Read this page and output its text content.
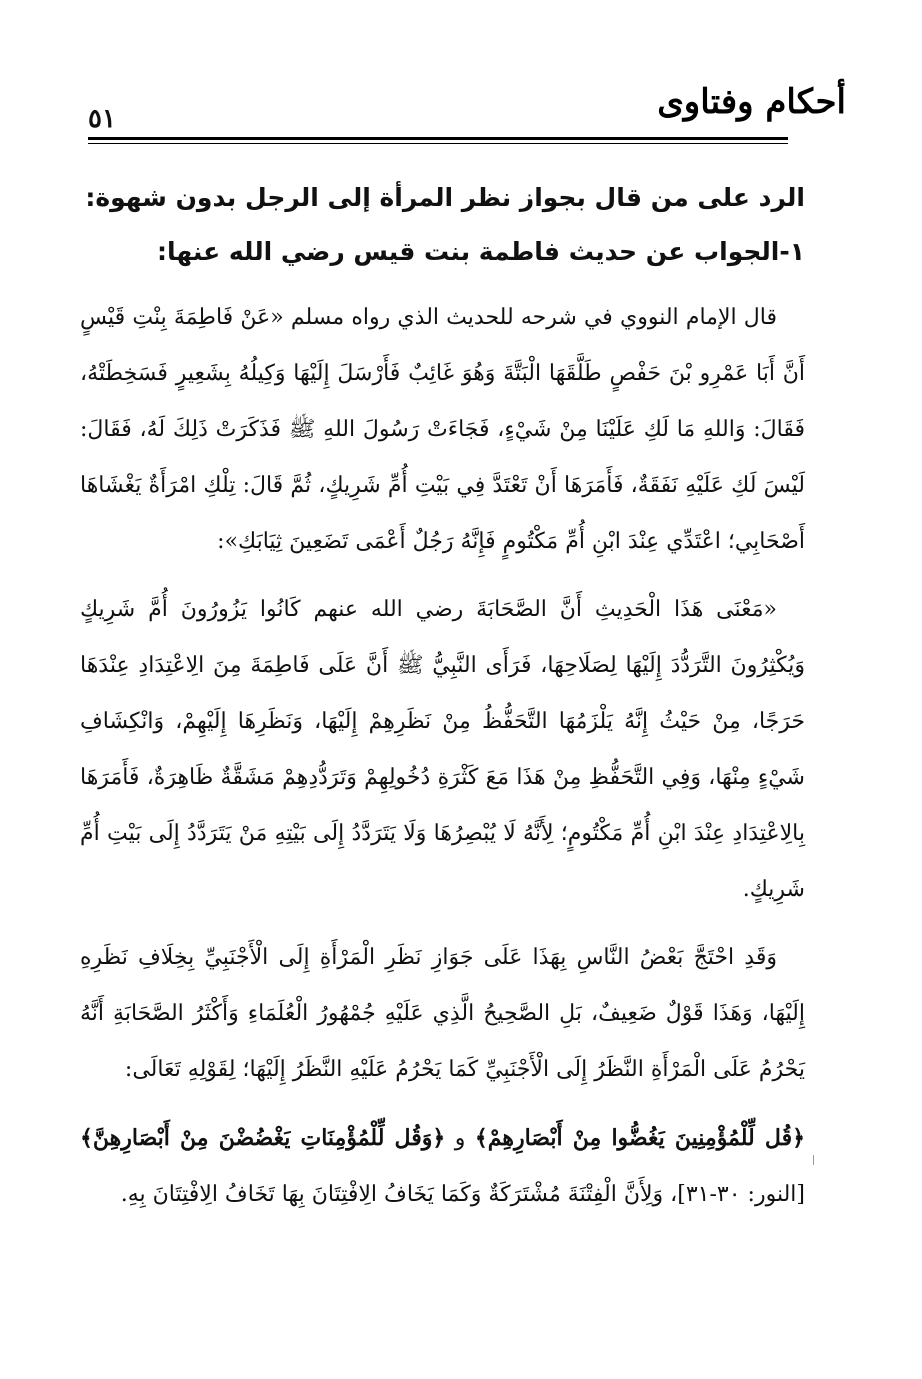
أحكام وفتاوى
٥١
الرد على من قال بجواز نظر المرأة إلى الرجل بدون شهوة:
١-الجواب عن حديث فاطمة بنت قيس رضي الله عنها:

قال الإمام النووي في شرحه للحديث الذي رواه مسلم «عَنْ فَاطِمَةَ بِنْتِ قَيْسٍ أَنَّ أَبَا عَمْرِو بْنَ حَفْصٍ طَلَّقَهَا الْبَتَّةَ وَهُوَ غَائِبٌ فَأَرْسَلَ إِلَيْهَا وَكِيلُهُ بِشَعِيرٍ فَسَخِطَتْهُ، فَقَالَ: وَاللهِ مَا لَكِ عَلَيْنَا مِنْ شَيْءٍ، فَجَاءَتْ رَسُولَ اللهِ ﷺ فَذَكَرَتْ ذَلِكَ لَهُ، فَقَالَ: لَيْسَ لَكِ عَلَيْهِ نَفَقَةٌ، فَأَمَرَهَا أَنْ تَعْتَدَّ فِي بَيْتِ أُمِّ شَرِيكٍ، ثُمَّ قَالَ: تِلْكِ امْرَأَةٌ يَغْشَاهَا أَصْحَابِي؛ اعْتَدِّي عِنْدَ ابْنِ أُمِّ مَكْتُومٍ فَإِنَّهُ رَجُلٌ أَعْمَى تَضَعِينَ ثِيَابَكِ»:

«مَعْنَى هَذَا الْحَدِيثِ أَنَّ الصَّحَابَةَ رضي الله عنهم كَانُوا يَزُورُونَ أُمَّ شَرِيكٍ وَيُكْثِرُونَ التَّرَدُّدَ إِلَيْهَا لِصَلَاحِهَا، فَرَأَى النَّبِيُّ ﷺ أَنَّ عَلَى فَاطِمَةَ مِنَ الِاعْتِدَادِ عِنْدَهَا حَرَجًا، مِنْ حَيْثُ إِنَّهُ يَلْزَمُهَا التَّحَفُّظُ مِنْ نَظَرِهِمْ إِلَيْهَا، وَنَظَرِهَا إِلَيْهِمْ، وَانْكِشَافِ شَيْءٍ مِنْهَا، وَفِي التَّحَفُّظِ مِنْ هَذَا مَعَ كَثْرَةِ دُخُولِهِمْ وَتَرَدُّدِهِمْ مَشَقَّةٌ ظَاهِرَةٌ، فَأَمَرَهَا بِالِاعْتِدَادِ عِنْدَ ابْنِ أُمِّ مَكْتُومٍ؛ لِأَنَّهُ لَا يُبْصِرُهَا وَلَا يَتَرَدَّدُ إِلَى بَيْتِهِ مَنْ يَتَرَدَّدُ إِلَى بَيْتِ أُمِّ شَرِيكٍ.

وَقَدِ احْتَجَّ بَعْضُ النَّاسِ بِهَذَا عَلَى جَوَازِ نَظَرِ الْمَرْأَةِ إِلَى الْأَجْنَبِيِّ بِخِلَافِ نَظَرِهِ إِلَيْهَا، وَهَذَا قَوْلٌ ضَعِيفٌ، بَلِ الصَّحِيحُ الَّذِي عَلَيْهِ جُمْهُورُ الْعُلَمَاءِ وَأَكْثَرُ الصَّحَابَةِ أَنَّهُ يَحْرُمُ عَلَى الْمَرْأَةِ النَّظَرُ إِلَى الْأَجْنَبِيِّ كَمَا يَحْرُمُ عَلَيْهِ النَّظَرُ إِلَيْهَا؛ لِقَوْلِهِ تَعَالَى:

﴿قُل لِّلْمُؤْمِنِينَ يَغُضُّوا مِنْ أَبْصَارِهِمْ﴾ و ﴿وَقُل لِّلْمُؤْمِنَاتِ يَغْضُضْنَ مِنْ أَبْصَارِهِنَّ﴾ [النور: ٣٠-٣١]، وَلِأَنَّ الْفِتْنَةَ مُشْتَرَكَةٌ وَكَمَا يَخَافُ الِافْتِتَانَ بِهَا تَخَافُ الِافْتِتَانَ بِهِ.
